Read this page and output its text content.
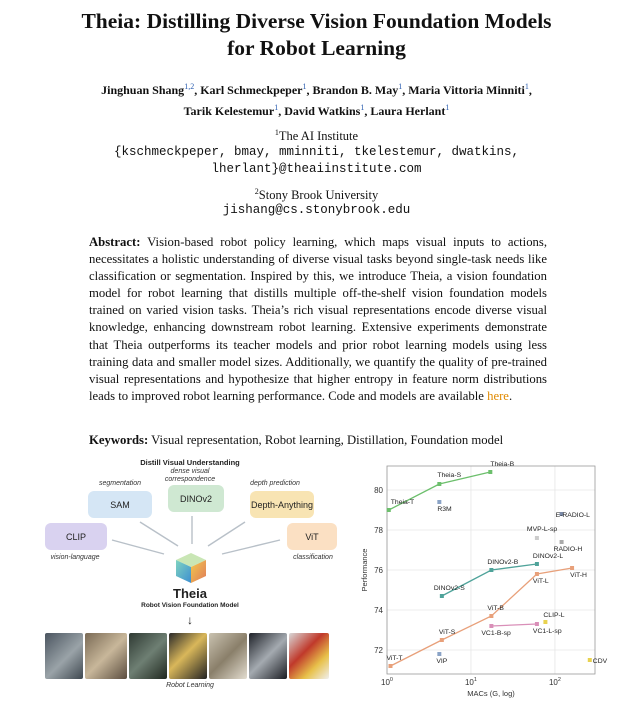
Theia: Distilling Diverse Vision Foundation Models
for Robot Learning
Jinghuan Shang$^{1,2}$, Karl Schmeckpeper$^1$, Brandon B. May$^1$, Maria Vittoria Minniti$^1$,
Tarik Kelestemur$^1$, David Watkins$^1$, Laura Herlant$^1$
$^1$The AI Institute
{kschmeckpeper, bmay, mminniti, tkelestemur, dwatkins,
lherlant}@theaiinstitute.com
$^2$Stony Brook University
jishang@cs.stonybrook.edu
Abstract: Vision-based robot policy learning, which maps visual inputs to actions, necessitates a holistic understanding of diverse visual tasks beyond single-task needs like classification or segmentation. Inspired by this, we introduce Theia, a vision foundation model for robot learning that distills multiple off-the-shelf vision foundation models trained on varied vision tasks. Theia’s rich visual representations encode diverse visual knowledge, enhancing downstream robot learning. Extensive experiments demonstrate that Theia outperforms its teacher models and prior robot learning models using less training data and smaller model sizes. Additionally, we quantify the quality of pre-trained visual representations and hypothesize that higher entropy in feature norm distributions leads to improved robot learning performance. Code and models are available here.
Keywords: Visual representation, Robot learning, Distillation, Foundation model
Distill Visual Understanding
dense visual
correspondence
segmentation	depth prediction
SAM
DINOv2
Depth-Anything
CLIP	ViT
vision-language	classification
Theia
Robot Vision Foundation Model
↓
Robot Learning
72
74
76
78
80
$10^0$	$10^1$	$10^2$
MACs (G, log)
Performance
Theia-T
Theia-S
Theia-B
ViT-T
ViT-S
ViT-B
ViT-L
ViT-H
DINOv2-S
DINOv2-B
DINOv2-L
VC1-B-sp	VC1-L-sp
R3M
VIP
CLIP-L
CDV
MVP-L-sp
RADIO-H
E-RADIO-L
